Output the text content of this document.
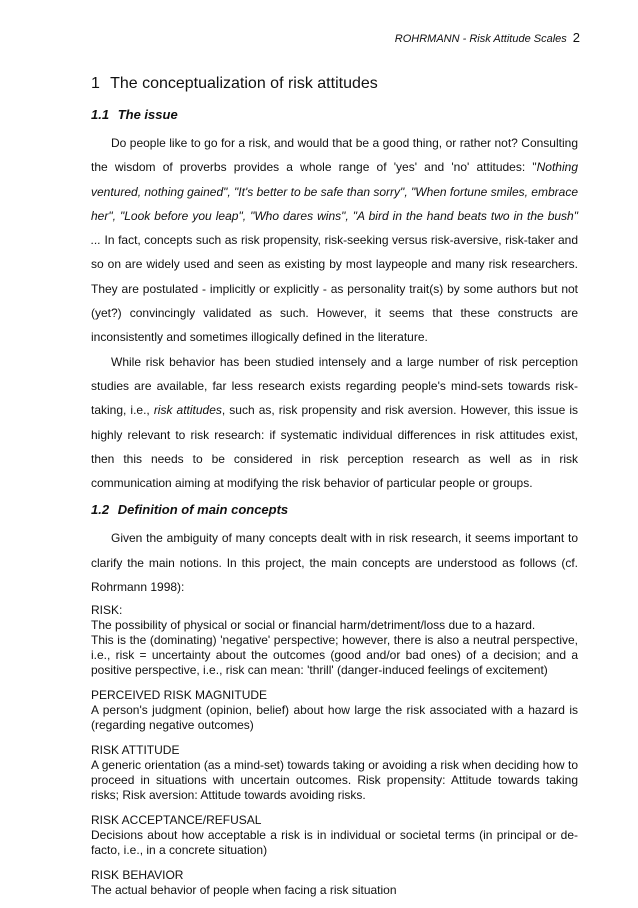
ROHRMANN - Risk Attitude Scales 2
1 The conceptualization of risk attitudes
1.1 The issue

Do people like to go for a risk, and would that be a good thing, or rather not? Consulting the wisdom of proverbs provides a whole range of 'yes' and 'no' attitudes: "Nothing ventured, nothing gained", "It's better to be safe than sorry", "When fortune smiles, embrace her", "Look before you leap", "Who dares wins", "A bird in the hand beats two in the bush" ... In fact, concepts such as risk propensity, risk-seeking versus risk-aversive, risk-taker and so on are widely used and seen as existing by most laypeople and many risk researchers. They are postulated - implicitly or explicitly - as personality trait(s) by some authors but not (yet?) convincingly validated as such. However, it seems that these constructs are inconsistently and sometimes illogically defined in the literature.

While risk behavior has been studied intensely and a large number of risk perception studies are available, far less research exists regarding people's mind-sets towards risk-taking, i.e., risk attitudes, such as, risk propensity and risk aversion. However, this issue is highly relevant to risk research: if systematic individual differences in risk attitudes exist, then this needs to be considered in risk perception research as well as in risk communication aiming at modifying the risk behavior of particular people or groups.

1.2 Definition of main concepts

Given the ambiguity of many concepts dealt with in risk research, it seems important to clarify the main notions. In this project, the main concepts are understood as follows (cf. Rohrmann 1998):

RISK:
The possibility of physical or social or financial harm/detriment/loss due to a hazard.
This is the (dominating) 'negative' perspective; however, there is also a neutral perspective, i.e., risk = uncertainty about the outcomes (good and/or bad ones) of a decision; and a positive perspective, i.e., risk can mean: 'thrill' (danger-induced feelings of excitement)
PERCEIVED RISK MAGNITUDE
A person's judgment (opinion, belief) about how large the risk associated with a hazard is (regarding negative outcomes)
RISK ATTITUDE
A generic orientation (as a mind-set) towards taking or avoiding a risk when deciding how to proceed in situations with uncertain outcomes. Risk propensity: Attitude towards taking risks; Risk aversion: Attitude towards avoiding risks.
RISK ACCEPTANCE/REFUSAL
Decisions about how acceptable a risk is in individual or societal terms (in principal or de-facto, i.e., in a concrete situation)
RISK BEHAVIOR
The actual behavior of people when facing a risk situation
